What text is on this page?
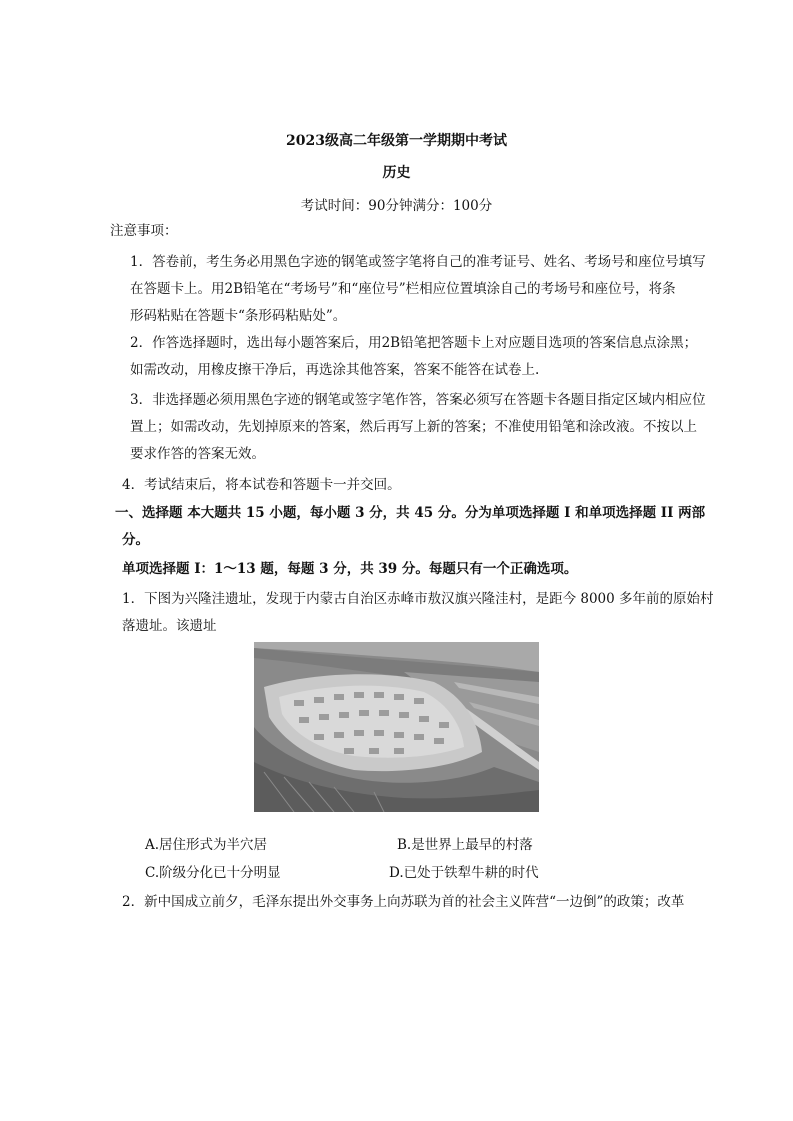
2023级高二年级第一学期期中考试
历史
考试时间：90分钟满分：100分
注意事项：
1．答卷前，考生务必用黑色字迹的钢笔或签字笔将自己的准考证号、姓名、考场号和座位号填写
在答题卡上。用2B铅笔在“考场号”和“座位号”栏相应位置填涂自己的考场号和座位号，将条
形码粘贴在答题卡“条形码粘贴处”。
2．作答选择题时，选出每小题答案后，用2B铅笔把答题卡上对应题目选项的答案信息点涂黑；
如需改动，用橡皮擦干净后，再选涂其他答案，答案不能答在试卷上.
3．非选择题必须用黑色字迹的钢笔或签字笔作答，答案必须写在答题卡各题目指定区域内相应位
置上；如需改动，先划掉原来的答案，然后再写上新的答案；不准使用铅笔和涂改液。不按以上
要求作答的答案无效。
4．考试结束后，将本试卷和答题卡一并交回。
一、选择题 本大题共 15 小题，每小题 3 分，共 45 分。分为单项选择题 I 和单项选择题 II 两部
分。
单项选择题 I：1～13 题，每题 3 分，共 39 分。每题只有一个正确选项。
1．下图为兴隆洼遗址，发现于内蒙古自治区赤峰市敖汉旗兴隆洼村，是距今 8000 多年前的原始村
落遗址。该遗址
A.居住形式为半穴居	B.是世界上最早的村落
C.阶级分化已十分明显	D.已处于铁犁牛耕的时代
2．新中国成立前夕，毛泽东提出外交事务上向苏联为首的社会主义阵营“一边倒”的政策；改革
